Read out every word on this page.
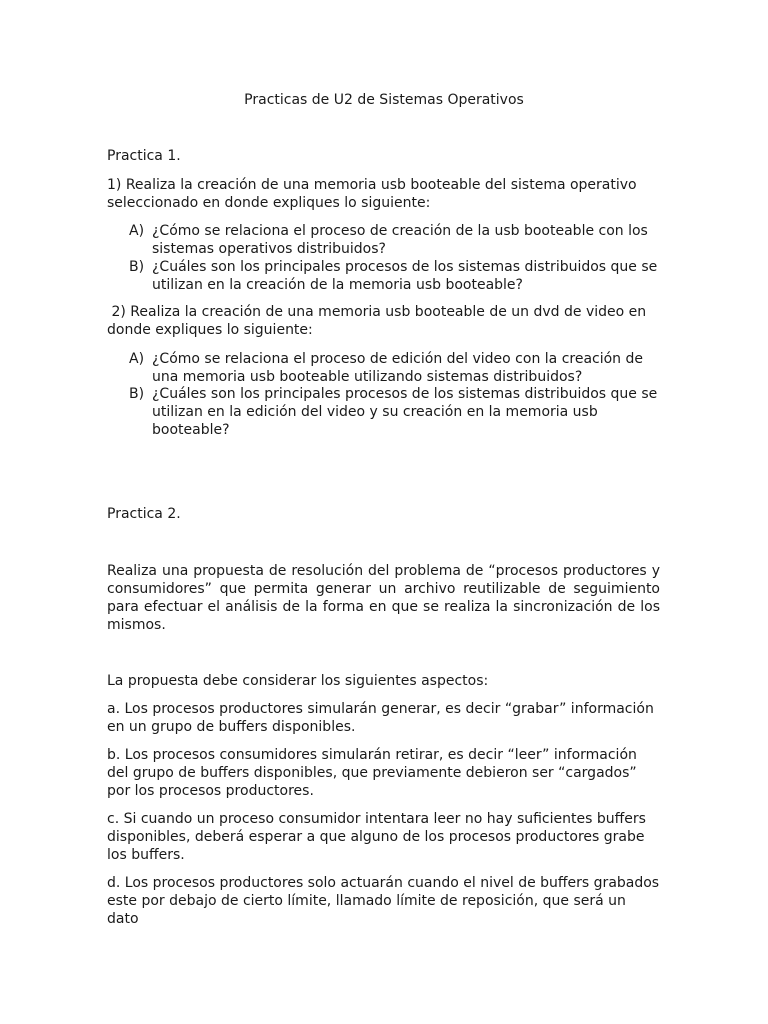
Practicas de U2 de Sistemas Operativos

Practica 1.

1) Realiza la creación de una memoria usb booteable del sistema operativo seleccionado en donde expliques lo siguiente:

A) ¿Cómo se relaciona el proceso de creación de la usb booteable con los sistemas operativos distribuidos?
B) ¿Cuáles son los principales procesos de los sistemas distribuidos que se utilizan en la creación de la memoria usb booteable?

2) Realiza la creación de una memoria usb booteable de un dvd de video en donde expliques lo siguiente:

A) ¿Cómo se relaciona el proceso de edición del video con la creación de una memoria usb booteable utilizando sistemas distribuidos?
B) ¿Cuáles son los principales procesos de los sistemas distribuidos que se utilizan en la edición del video y su creación en la memoria usb booteable?

Practica 2.

Realiza una propuesta de resolución del problema de “procesos productores y consumidores” que permita generar un archivo reutilizable de seguimiento para efectuar el análisis de la forma en que se realiza la sincronización de los mismos.

La propuesta debe considerar los siguientes aspectos:

a. Los procesos productores simularán generar, es decir “grabar” información en un grupo de buffers disponibles.

b. Los procesos consumidores simularán retirar, es decir “leer” información del grupo de buffers disponibles, que previamente debieron ser “cargados” por los procesos productores.

c. Si cuando un proceso consumidor intentara leer no hay suficientes buffers disponibles, deberá esperar a que alguno de los procesos productores grabe los buffers.

d. Los procesos productores solo actuarán cuando el nivel de buffers grabados este por debajo de cierto límite, llamado límite de reposición, que será un dato
